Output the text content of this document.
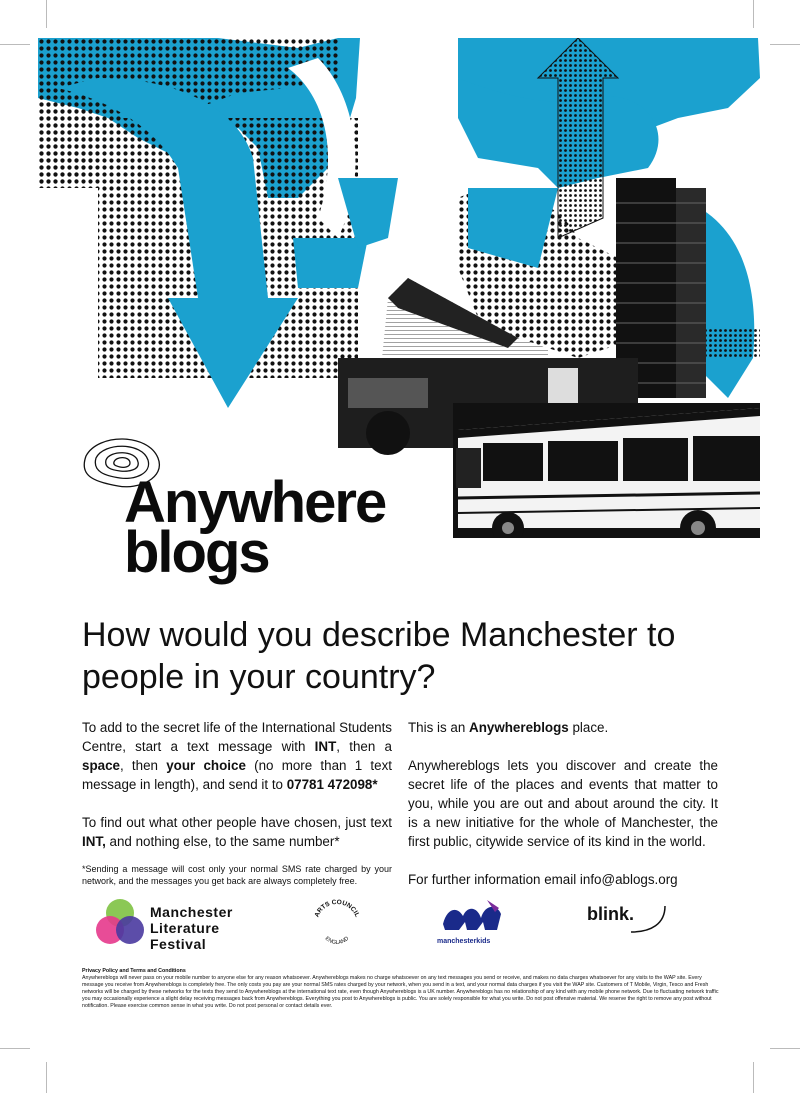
Anywhere
blogs
How would you describe Manchester to people in your country?

To add to the secret life of the International Students Centre, start a text message with INT, then a space, then your choice (no more than 1 text message in length), and send it to 07781 472098*

To find out what other people have chosen, just text INT, and nothing else, to the same number*

*Sending a message will cost only your normal SMS rate charged by your network, and the messages you get back are always completely free.

This is an Anywhereblogs place.

Anywhereblogs lets you discover and create the secret life of the places and events that matter to you, while you are out and about around the city. It is a new initiative for the whole of Manchester, the first public, citywide service of its kind in the world.

For further information email info@ablogs.org

Manchester
Literature
Festival
ARTS COUNCIL
ENGLAND	manchesterkids
blink.
Privacy Policy and Terms and Conditions
Anywhereblogs will never pass on your mobile number to anyone else for any reason whatsoever. Anywhereblogs makes no charge whatsoever on any text messages you send or receive, and makes no data charges whatsoever for any visits to the WAP site. Every message you receive from Anywhereblogs is completely free. The only costs you pay are your normal SMS rates charged by your network, when you send in a text, and your normal data charges if you visit the WAP site. Customers of T Mobile, Virgin, Tesco and Fresh networks will be charged by these networks for the texts they send to Anywhereblogs at the international text rate, even though Anywhereblogs is a UK number. Anywhereblogs has no relationship of any kind with any mobile phone network. Due to fluctuating network traffic you may occasionally experience a slight delay receiving messages back from Anywhereblogs. Everything you post to Anywhereblogs is public. You are solely responsible for what you write. Do not post offensive material. We reserve the right to remove any post without notification. Please exercise common sense in what you write. Do not post personal or contact details ever.
